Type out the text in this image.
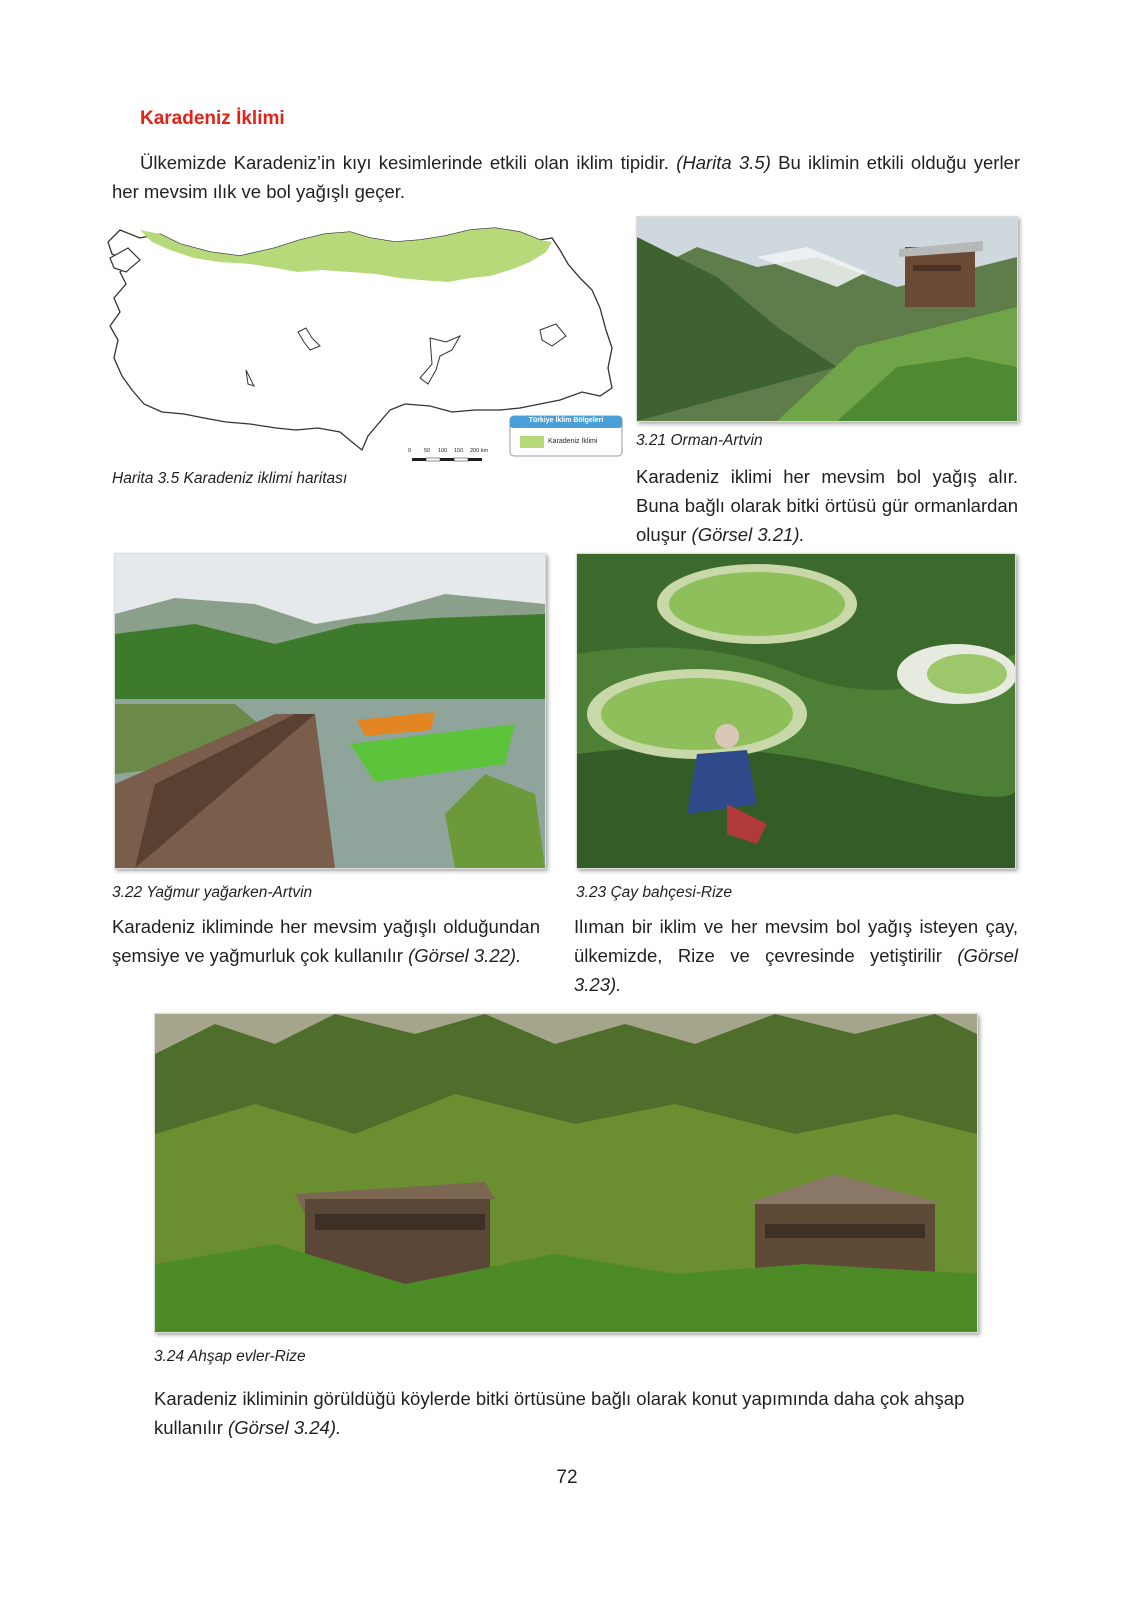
Karadeniz İklimi
Ülkemizde Karadeniz’in kıyı kesimlerinde etkili olan iklim tipidir. (Harita 3.5) Bu iklimin etkili olduğu yerler her mevsim ılık ve bol yağışlı geçer.
Türkiye İklim Bölgeleri
Karadeniz İklimi
0 50 100 150 200 km
Harita 3.5 Karadeniz iklimi haritası
3.21 Orman-Artvin
Karadeniz iklimi her mevsim bol yağış alır. Buna bağlı olarak bitki örtüsü gür ormanlardan oluşur (Görsel 3.21).
3.22 Yağmur yağarken-Artvin
Karadeniz ikliminde her mevsim yağışlı olduğundan şemsiye ve yağmurluk çok kullanılır (Görsel 3.22).
3.23 Çay bahçesi-Rize
Ilıman bir iklim ve her mevsim bol yağış isteyen çay, ülkemizde, Rize ve çevresinde yetiştirilir (Görsel 3.23).
3.24 Ahşap evler-Rize
Karadeniz ikliminin görüldüğü köylerde bitki örtüsüne bağlı olarak konut yapımında daha çok ahşap kullanılır (Görsel 3.24).
72
